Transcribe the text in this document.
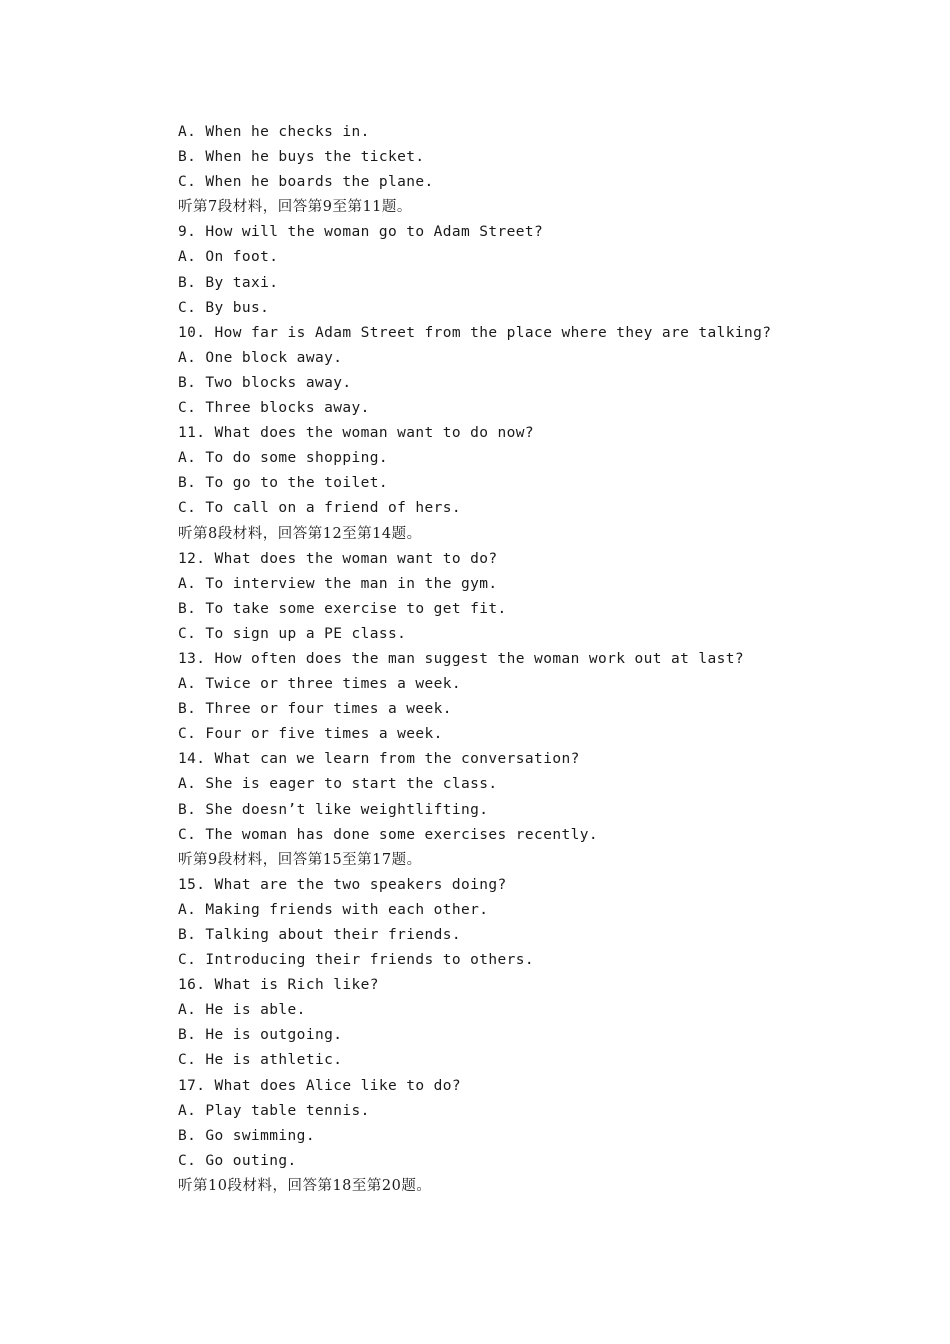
A. When he checks in.
B. When he buys the ticket.
C. When he boards the plane.
听第7段材料，回答第9至第11题。
9. How will the woman go to Adam Street?
A. On foot.
B. By taxi.
C. By bus.
10. How far is Adam Street from the place where they are talking?
A. One block away.
B. Two blocks away.
C. Three blocks away.
11. What does the woman want to do now?
A. To do some shopping.
B. To go to the toilet.
C. To call on a friend of hers.
听第8段材料，回答第12至第14题。
12. What does the woman want to do?
A. To interview the man in the gym.
B. To take some exercise to get fit.
C. To sign up a PE class.
13. How often does the man suggest the woman work out at last?
A. Twice or three times a week.
B. Three or four times a week.
C. Four or five times a week.
14. What can we learn from the conversation?
A. She is eager to start the class.
B. She doesn’t like weightlifting.
C. The woman has done some exercises recently.
听第9段材料，回答第15至第17题。
15. What are the two speakers doing?
A. Making friends with each other.
B. Talking about their friends.
C. Introducing their friends to others.
16. What is Rich like?
A. He is able.
B. He is outgoing.
C. He is athletic.
17. What does Alice like to do?
A. Play table tennis.
B. Go swimming.
C. Go outing.
听第10段材料，回答第18至第20题。
